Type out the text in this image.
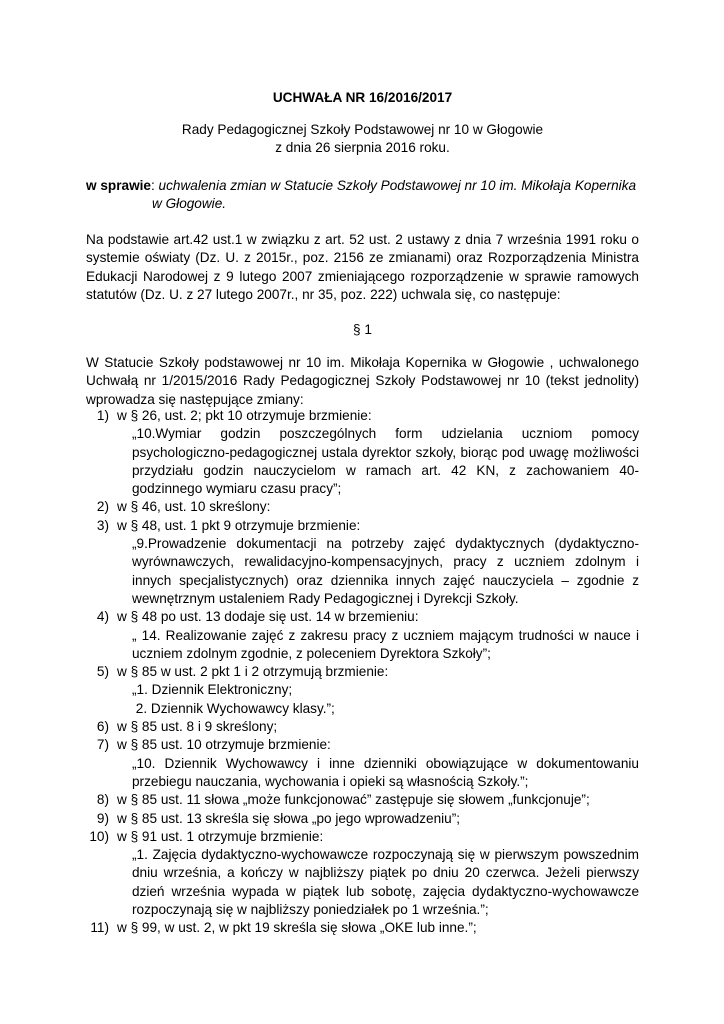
UCHWAŁA NR 16/2016/2017
Rady Pedagogicznej Szkoły Podstawowej nr 10 w Głogowie
z dnia 26 sierpnia 2016 roku.
w sprawie: uchwalenia zmian w Statucie Szkoły Podstawowej nr 10 im. Mikołaja Kopernika
w Głogowie.
Na podstawie art.42 ust.1 w związku z art. 52 ust. 2 ustawy z dnia 7 września 1991 roku o systemie oświaty (Dz. U. z 2015r., poz. 2156 ze zmianami) oraz Rozporządzenia Ministra Edukacji Narodowej z 9 lutego 2007 zmieniającego rozporządzenie w sprawie ramowych statutów (Dz. U. z 27 lutego 2007r., nr 35, poz. 222) uchwala się, co następuje:
§ 1
W Statucie Szkoły podstawowej nr 10 im. Mikołaja Kopernika w Głogowie , uchwalonego Uchwałą nr 1/2015/2016 Rady Pedagogicznej Szkoły Podstawowej nr 10 (tekst jednolity) wprowadza się następujące zmiany:
1) w § 26, ust. 2; pkt 10 otrzymuje brzmienie:
„10.Wymiar godzin poszczególnych form udzielania uczniom pomocy psychologiczno-pedagogicznej ustala dyrektor szkoły, biorąc pod uwagę możliwości przydziału godzin nauczycielom w ramach art. 42 KN, z zachowaniem 40-godzinnego wymiaru czasu pracy”;
2) w § 46, ust. 10 skreślony:
3) w § 48, ust. 1 pkt 9 otrzymuje brzmienie:
„9.Prowadzenie dokumentacji na potrzeby zajęć dydaktycznych (dydaktyczno-wyrównawczych, rewalidacyjno-kompensacyjnych, pracy z uczniem zdolnym i innych specjalistycznych) oraz dziennika innych zajęć nauczyciela – zgodnie z wewnętrznym ustaleniem Rady Pedagogicznej i Dyrekcji Szkoły.
4) w § 48 po ust. 13 dodaje się ust. 14 w brzemieniu:
„ 14. Realizowanie zajęć z zakresu pracy z uczniem mającym trudności w nauce i uczniem zdolnym zgodnie, z poleceniem Dyrektora Szkoły”;
5) w § 85 w ust. 2 pkt 1 i 2 otrzymują brzmienie:
„1. Dziennik Elektroniczny;
2. Dziennik Wychowawcy klasy.”;
6) w § 85 ust. 8 i 9 skreślony;
7) w § 85 ust. 10 otrzymuje brzmienie:
„10. Dziennik Wychowawcy i inne dzienniki obowiązujące w dokumentowaniu przebiegu nauczania, wychowania i opieki są własnością Szkoły.”;
8) w § 85 ust. 11 słowa „może funkcjonować” zastępuje się słowem „funkcjonuje”;
9) w § 85 ust. 13 skreśla się słowa „po jego wprowadzeniu”;
10) w § 91 ust. 1 otrzymuje brzmienie:
„1. Zajęcia dydaktyczno-wychowawcze rozpoczynają się w pierwszym powszednim dniu września, a kończy w najbliższy piątek po dniu 20 czerwca. Jeżeli pierwszy dzień września wypada w piątek lub sobotę, zajęcia dydaktyczno-wychowawcze rozpoczynają się w najbliższy poniedziałek po 1 września.”;
11) w § 99, w ust. 2, w pkt 19 skreśla się słowa „OKE lub inne.”;
